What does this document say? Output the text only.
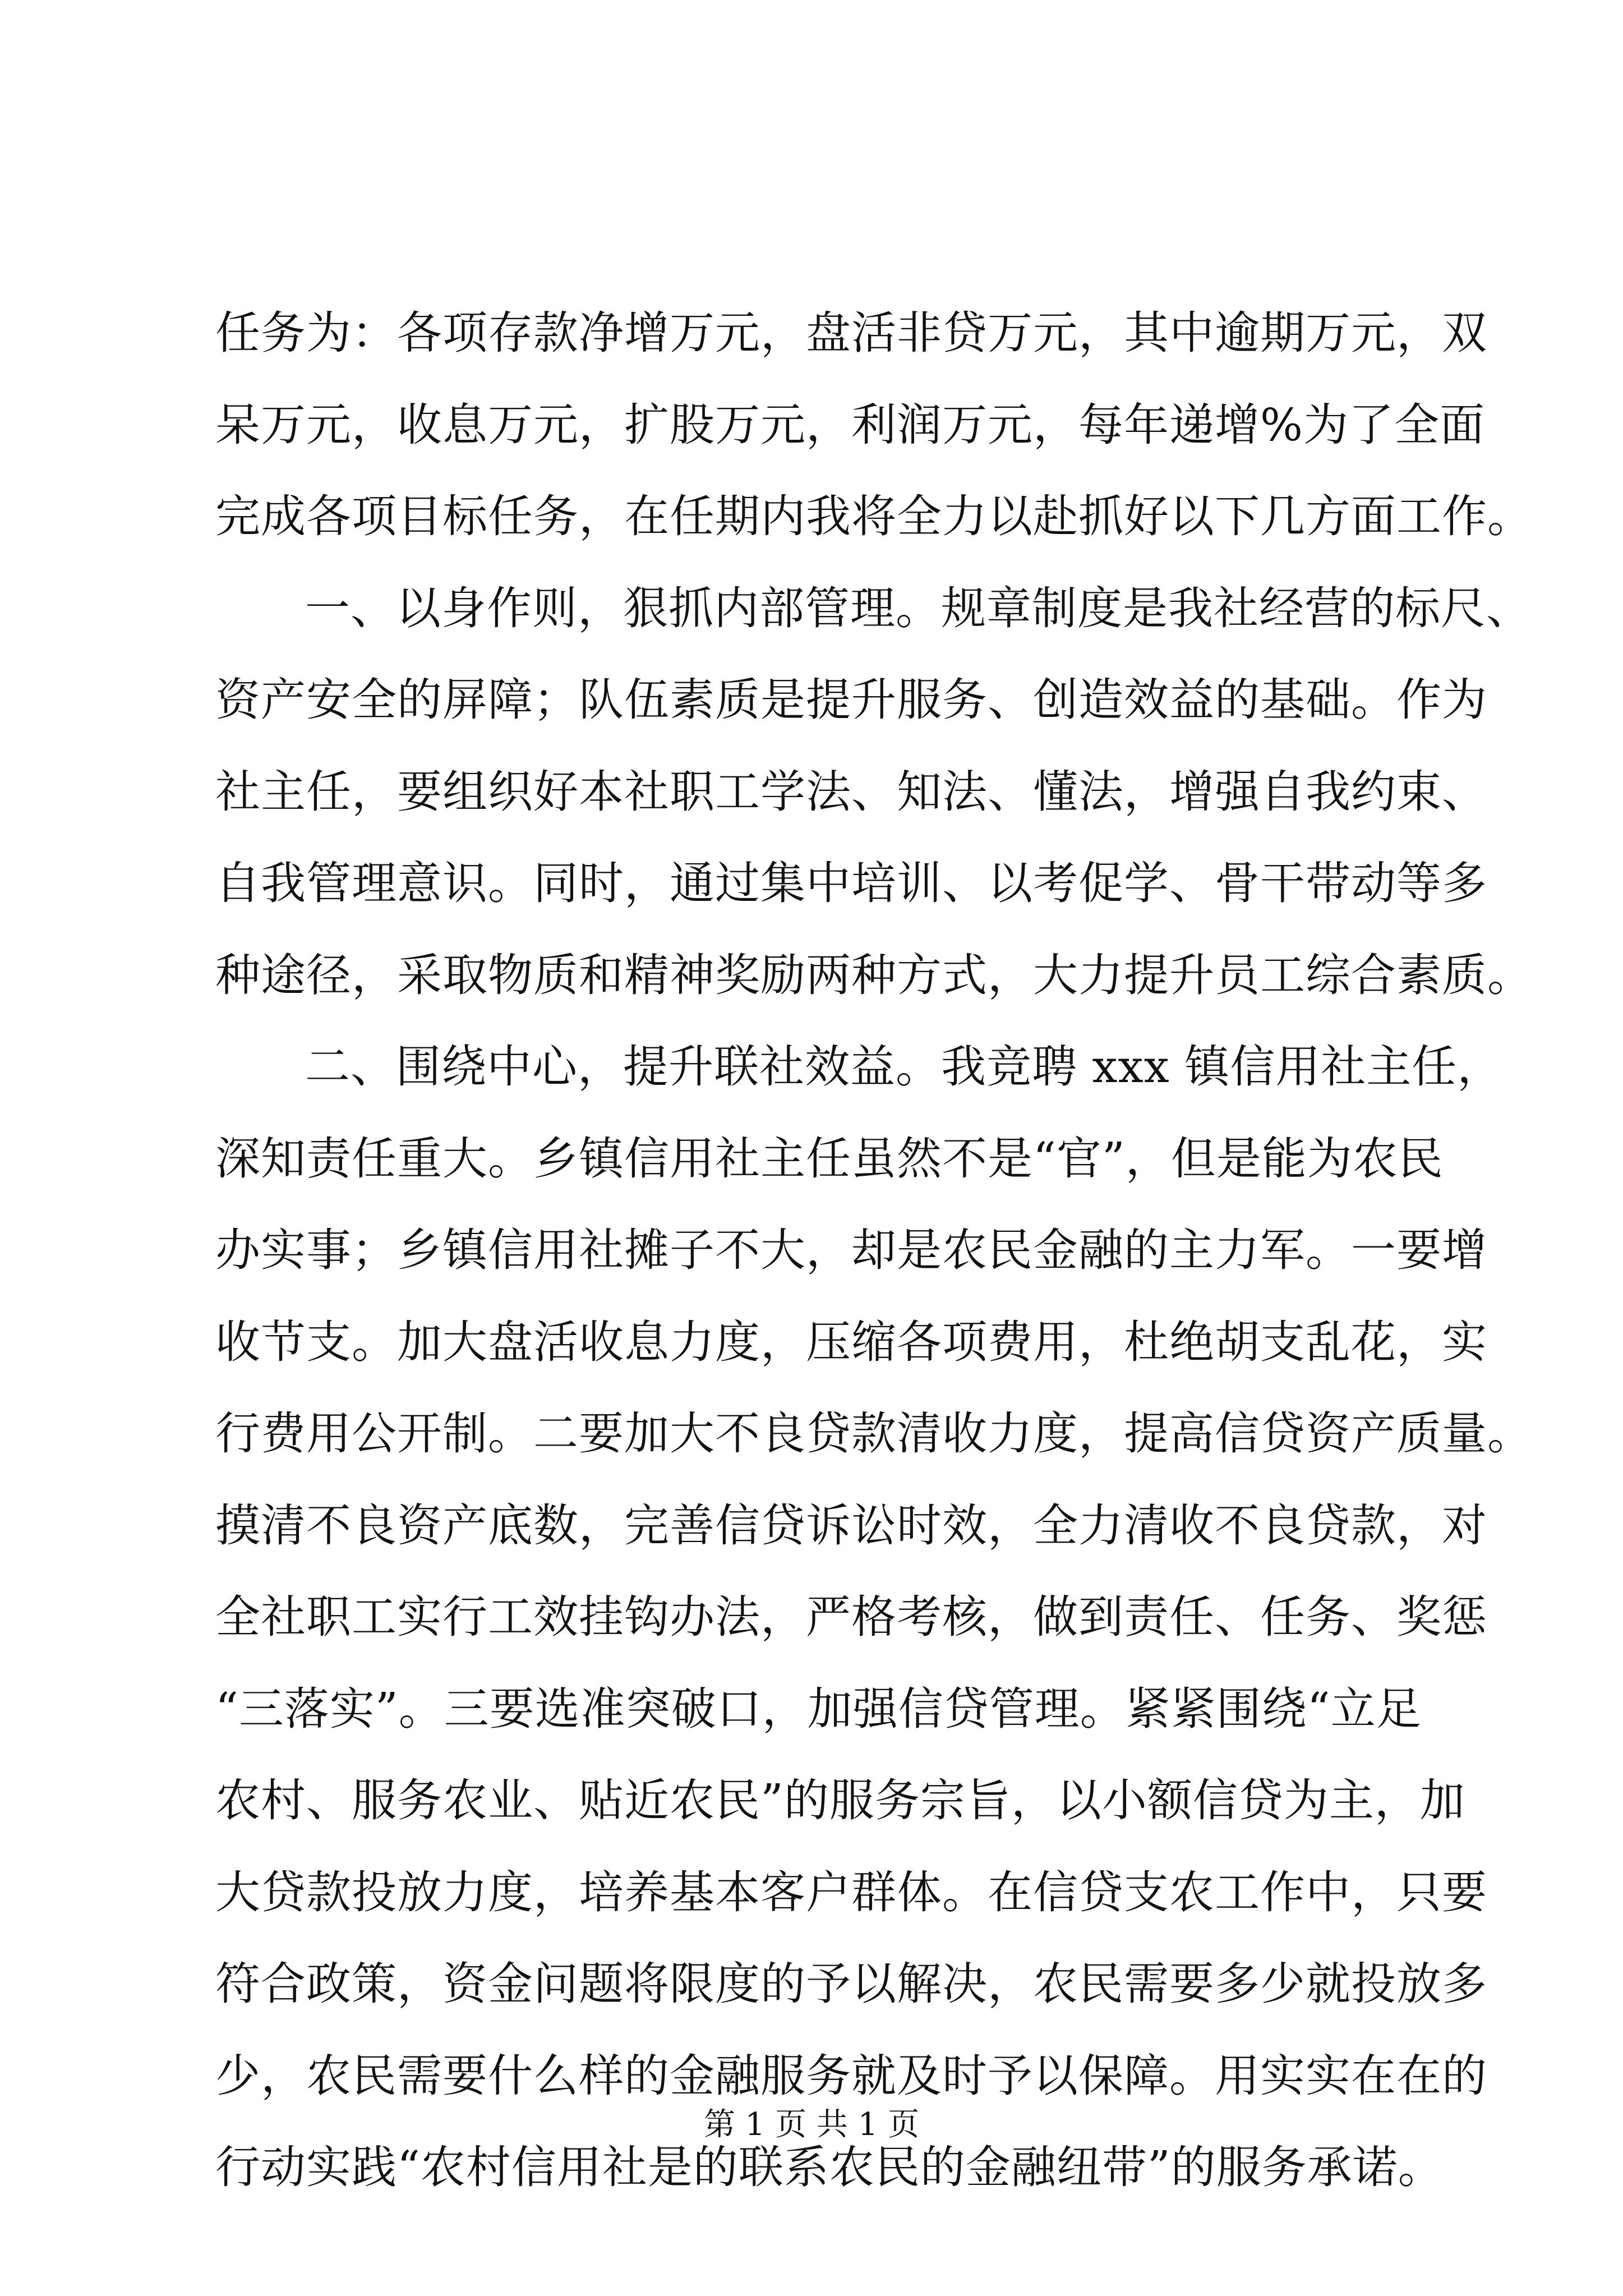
任务为：各项存款净增万元，盘活非贷万元，其中逾期万元，双
呆万元，收息万元，扩股万元，利润万元，每年递增%为了全面
完成各项目标任务，在任期内我将全力以赴抓好以下几方面工作。
一、以身作则，狠抓内部管理。规章制度是我社经营的标尺、
资产安全的屏障；队伍素质是提升服务、创造效益的基础。作为
社主任，要组织好本社职工学法、知法、懂法，增强自我约束、
自我管理意识。同时，通过集中培训、以考促学、骨干带动等多
种途径，采取物质和精神奖励两种方式，大力提升员工综合素质。
二、围绕中心，提升联社效益。我竞聘 xxx 镇信用社主任，
深知责任重大。乡镇信用社主任虽然不是“官”，但是能为农民
办实事；乡镇信用社摊子不大，却是农民金融的主力军。一要增
收节支。加大盘活收息力度，压缩各项费用，杜绝胡支乱花，实
行费用公开制。二要加大不良贷款清收力度，提高信贷资产质量。
摸清不良资产底数，完善信贷诉讼时效，全力清收不良贷款，对
全社职工实行工效挂钩办法，严格考核，做到责任、任务、奖惩
“三落实”。三要选准突破口，加强信贷管理。紧紧围绕“立足
农村、服务农业、贴近农民”的服务宗旨，以小额信贷为主，加
大贷款投放力度，培养基本客户群体。在信贷支农工作中，只要
符合政策，资金问题将限度的予以解决，农民需要多少就投放多
少，农民需要什么样的金融服务就及时予以保障。用实实在在的
行动实践“农村信用社是的联系农民的金融纽带”的服务承诺。
第 1 页 共 1 页
